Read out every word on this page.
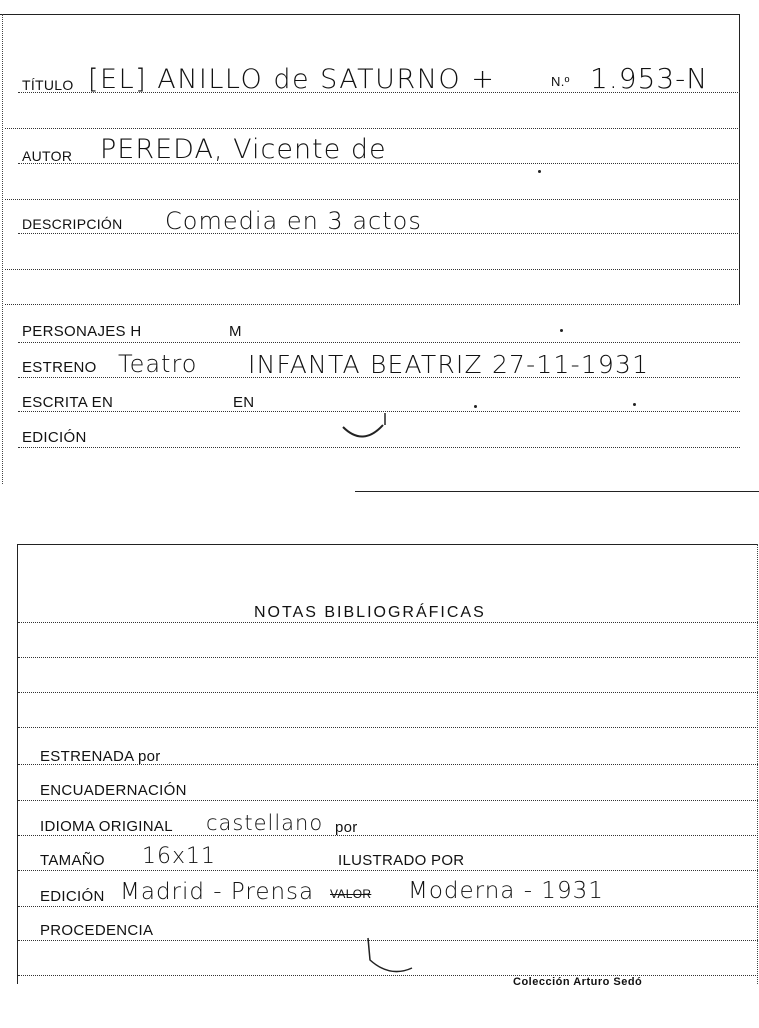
TÍTULO [EL] ANILLO de SATURNO +	N.º 1.953-N
AUTOR PEREDA, Vicente de
DESCRIPCIÓN Comedia en 3 actos
PERSONAJES H	M
ESTRENO Teatro INFANTA BEATRIZ 27-11-1931
ESCRITA EN	EN
EDICIÓN
NOTAS BIBLIOGRÁFICAS
ESTRENADA por
ENCUADERNACIÓN
IDIOMA ORIGINAL castellano por
TAMAÑO 16x11	ILUSTRADO POR
EDICIÓN Madrid - Prensa VALOR Moderna - 1931
PROCEDENCIA
Colección Arturo Sedó
